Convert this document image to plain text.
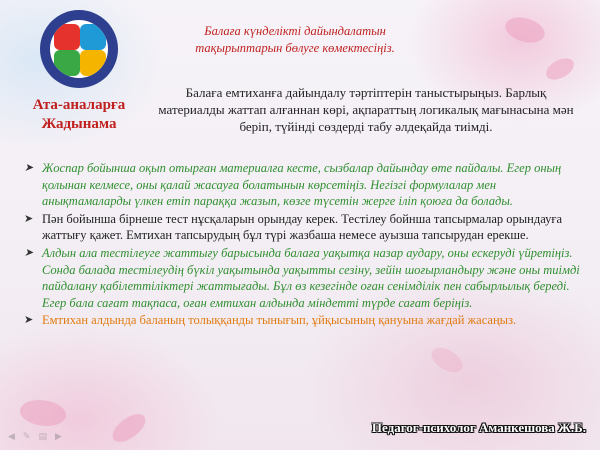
Ата-аналарға Жадынама
Балаға күнделікті дайындалатын тақырыптарын бөлуге көмектесіңіз.
Балаға емтиханға дайындалу тәртіптерін таныстырыңыз. Барлық материалды жаттап алғаннан көрі, ақпараттың логикалық мағынасына мән беріп, түйінді сөздерді табу әлдеқайда тиімді.
➤ Жоспар бойынша оқып отырған материалға кесте, сызбалар дайындау өте пайдалы. Егер оның қолынан келмесе, оны қалай жасауға болатынын көрсетіңіз. Негізгі формулалар мен анықтамаларды үлкен етіп параққа жазып, көзге түсетін жерге іліп қоюға да болады.
➤ Пән бойынша бірнеше тест нұсқаларын орындау керек. Тестілеу бойнша тапсырмалар орындауға жаттығу қажет. Емтихан тапсырудың бұл түрі жазбаша немесе ауызша тапсырудан ерекше.
➤ Алдын ала тестілеуге жаттығу барысында балаға уақытқа назар аудару, оны ескеруді үйретіңіз. Сонда балада тестілеудің бүкіл уақытында уақытты сезіну, зейін шоғырландыру және оны тиімді пайдалану қабілеттіліктері жаттығады. Бұл өз кезегінде оған сенімділік пен сабырлылық береді. Егер бала сағат тақпаса, оған емтихан алдында міндетті түрде сағат беріңіз.
➤ Емтихан алдында баланың толыққанды тынығып, ұйқысының қануына жағдай жасаңыз.
Педагог-психолог Аманкешова Ж.Б.
◀ ✎ ▤ ▶
